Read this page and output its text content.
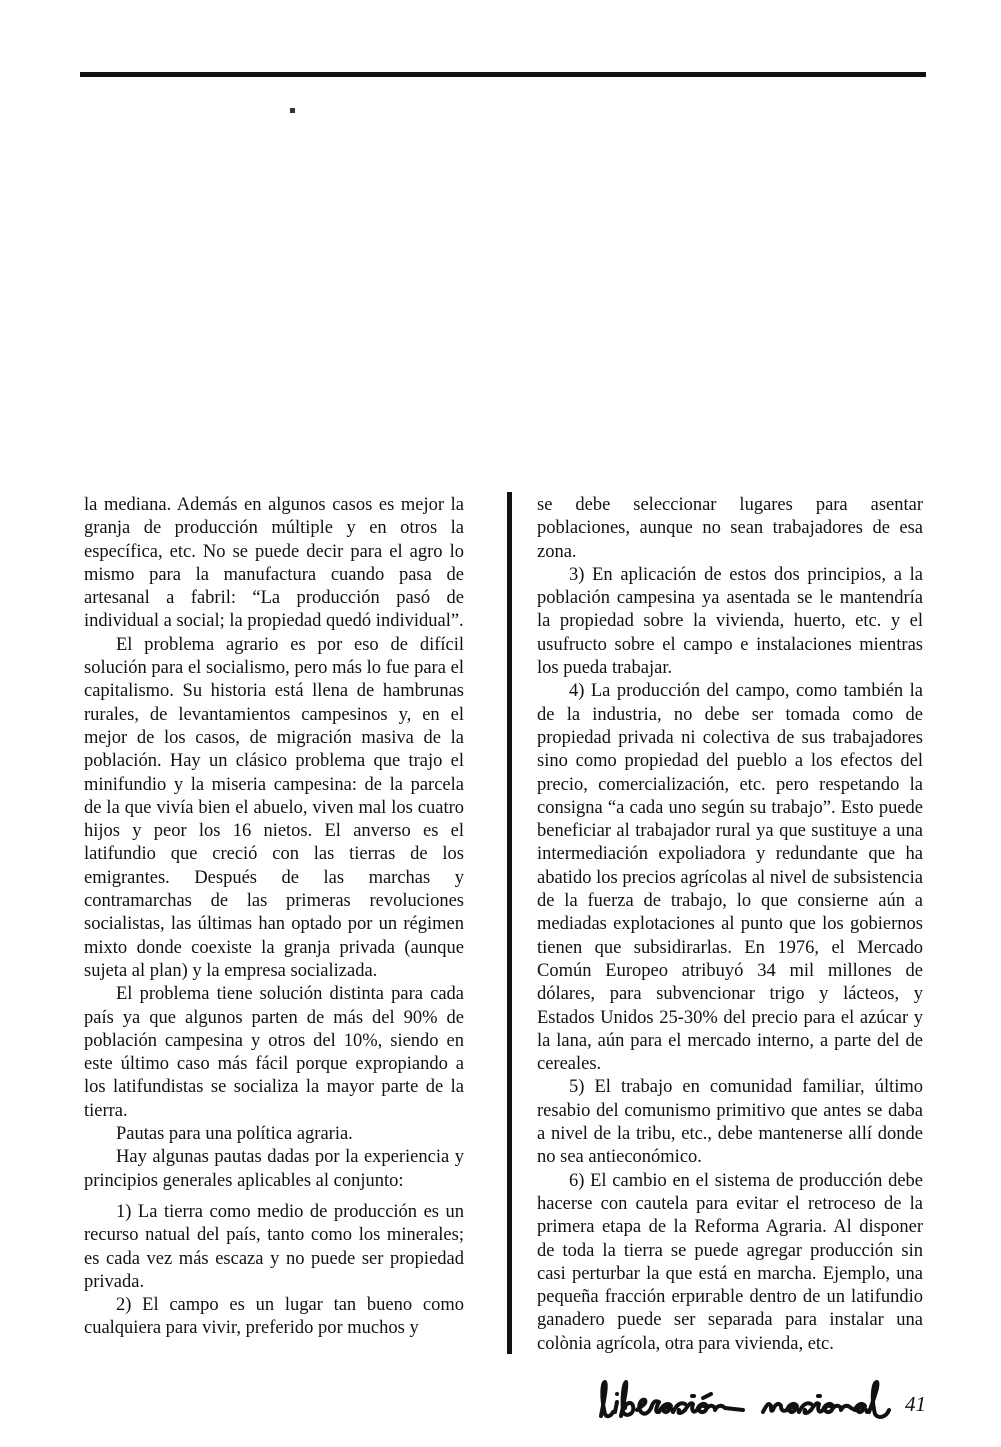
la mediana. Además en algunos casos es mejor la granja de producción múltiple y en otros la específica, etc. No se puede decir para el agro lo mismo para la manufactura cuando pasa de artesanal a fabril: “La producción pasó de individual a social; la propiedad quedó individual”.

El problema agrario es por eso de difícil solución para el socialismo, pero más lo fue para el capitalismo. Su historia está llena de hambrunas rurales, de levantamientos campesinos y, en el mejor de los casos, de migración masiva de la población. Hay un clásico problema que trajo el minifundio y la miseria campesina: de la parcela de la que vivía bien el abuelo, viven mal los cuatro hijos y peor los 16 nietos. El anverso es el latifundio que creció con las tierras de los emigrantes. Después de las marchas y contramarchas de las primeras revoluciones socialistas, las últimas han optado por un régimen mixto donde coexiste la granja privada (aunque sujeta al plan) y la empresa socializada.

El problema tiene solución distinta para cada país ya que algunos parten de más del 90% de población campesina y otros del 10%, siendo en este último caso más fácil porque expropiando a los latifundistas se socializa la mayor parte de la tierra.

Pautas para una política agraria.

Hay algunas pautas dadas por la experiencia y principios generales aplicables al conjunto:

1) La tierra como medio de producción es un recurso natual del país, tanto como los minerales; es cada vez más escaza y no puede ser propiedad privada.

2) El campo es un lugar tan bueno como cualquiera para vivir, preferido por muchos y

se debe seleccionar lugares para asentar poblaciones, aunque no sean trabajadores de esa zona.

3) En aplicación de estos dos principios, a la población campesina ya asentada se le mantendría la propiedad sobre la vivienda, huerto, etc. y el usufructo sobre el campo e instalaciones mientras los pueda trabajar.

4) La producción del campo, como también la de la industria, no debe ser tomada como de propiedad privada ni colectiva de sus trabajadores sino como propiedad del pueblo a los efectos del precio, comercialización, etc. pero respetando la consigna “a cada uno según su trabajo”. Esto puede beneficiar al trabajador rural ya que sustituye a una intermediación expoliadora y redundante que ha abatido los precios agrícolas al nivel de subsistencia de la fuerza de trabajo, lo que consierne aún a mediadas explotaciones al punto que los gobiernos tienen que subsidirarlas. En 1976, el Mercado Común Europeo atribuyó 34 mil millones de dólares, para subvencionar trigo y lácteos, y Estados Unidos 25-30% del precio para el azúcar y la lana, aún para el mercado interno, a parte del de cereales.

5) El trabajo en comunidad familiar, último resabio del comunismo primitivo que antes se daba a nivel de la tribu, etc., debe mantenerse allí donde no sea antieconómico.

6) El cambio en el sistema de producción debe hacerse con cautela para evitar el retroceso de la primera etapa de la Reforma Agraria. Al disponer de toda la tierra se puede agregar producción sin casi perturbar la que está en marcha. Ejemplo, una pequeña fracción erригable dentro de un latifundio ganadero puede ser separada para instalar una colònia agrícola, otra para vivienda, etc.

41
